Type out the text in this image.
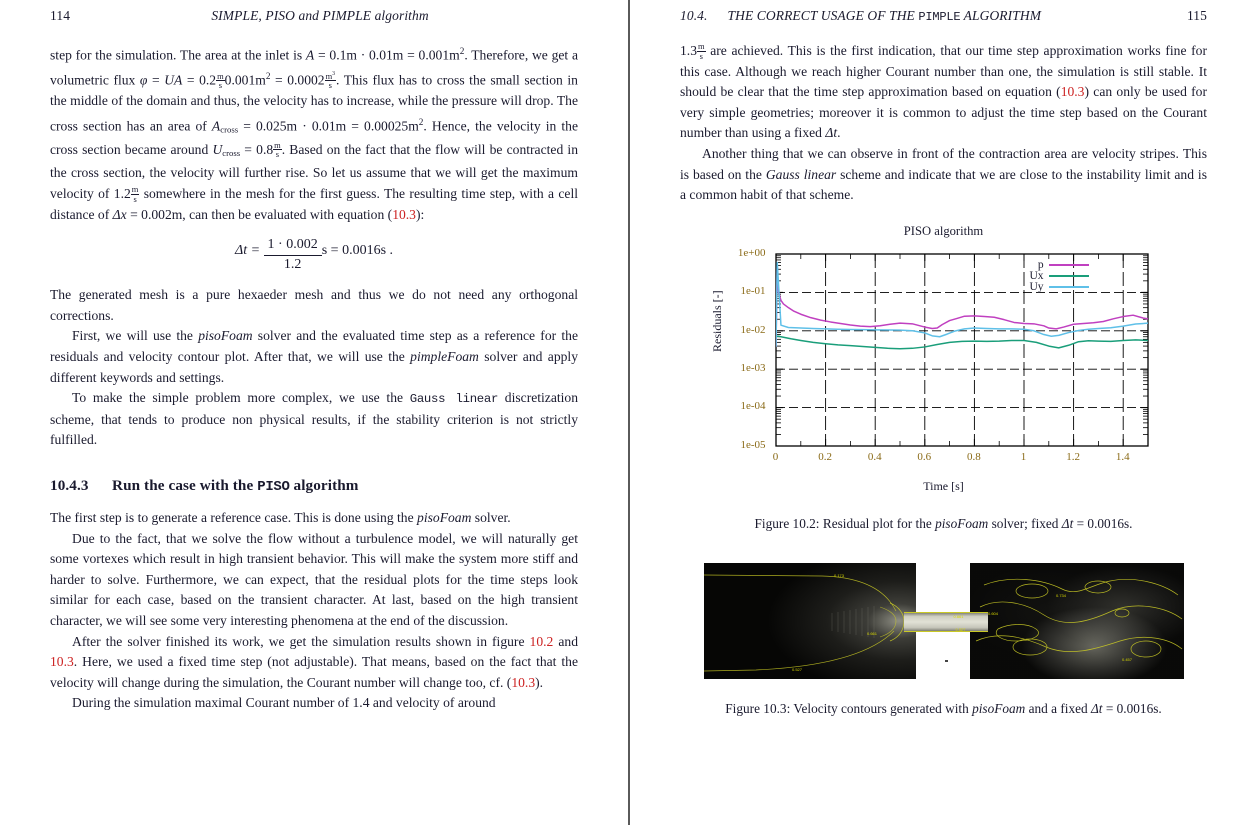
114	SIMPLE, PISO and PIMPLE algorithm

step for the simulation. The area at the inlet is $A = 0.1m \cdot 0.01m = 0.001m^2$. Therefore, we get a volumetric flux φ = UA = $0.2 \frac{m}{s} 0.001m^2 = 0.0002 \frac{m^3}{s}$ . This flux has to cross the small section in the middle of the domain and thus, the velocity has to increase, while the pressure will drop. The cross section has an area of $A_{cross} = 0.025m \cdot 0.01m = 0.00025m^2$. Hence, the velocity in the cross section became around $U_{cross} = 0.8 \frac{m}{s}$ . Based on the fact that the flow will be contracted in the cross section, the velocity will further rise. So let us assume that we will get the maximum velocity of $1.2 \frac{m}{s}$ somewhere in the mesh for the first guess. The resulting time step, with a cell distance of Δx = 0.002m, can then be evaluated with equation (10.3):

$\Delta t = \frac{1 \cdot 0.002}{1.2}$ s = 0.0016s .

The generated mesh is a pure hexaeder mesh and thus we do not need any orthogonal corrections.

First, we will use the pisoFoam solver and the evaluated time step as a reference for the residuals and velocity contour plot. After that, we will use the pimpleFoam solver and apply different keywords and settings.

To make the simple problem more complex, we use the Gauss linear discretization scheme, that tends to produce non physical results, if the stability criterion is not strictly fulfilled.

10.4.3 Run the case with the PISO algorithm

The first step is to generate a reference case. This is done using the pisoFoam solver.

Due to the fact, that we solve the flow without a turbulence model, we will naturally get some vortexes which result in high transient behavior. This will make the system more stiff and harder to solve. Furthermore, we can expect, that the residual plots for the time steps look similar for each case, based on the transient character. At last, based on the high transient character, we will see some very interesting phenomena at the end of the discussion.

After the solver finished its work, we get the simulation results shown in figure 10.2 and 10.3. Here, we used a fixed time step (not adjustable). That means, based on the fact that the velocity will change during the simulation, the Courant number will change too, cf. (10.3).

During the simulation maximal Courant number of 1.4 and velocity of around

10.4.	THE CORRECT USAGE OF THE PIMPLE ALGORITHM	115

$1.3 \frac{m}{s}$ are achieved. This is the first indication, that our time step approximation works fine for this case. Although we reach higher Courant number than one, the simulation is still stable. It should be clear that the time step approximation based on equation (10.3) can only be used for very simple geometries; moreover it is common to adjust the time step based on the Courant number than using a fixed Δt.

Another thing that we can observe in front of the contraction area are velocity stripes. This is based on the Gauss linear scheme and indicate that we are close to the instability limit and is a common habit of that scheme.

PISO algorithm
Residuals [-]
Time [s]
1e+00
1e-01
1e-02
1e-03
1e-04
1e-05
0	0.2	0.4	0.6	0.8	1	1.2	1.4
p
Ux
Uy
Figure 10.2: Residual plot for the pisoFoam solver; fixed Δt = 0.0016s.
0.173
0.661
0.527
0.734
0.457
0.604
0.661
0.527
Figure 10.3: Velocity contours generated with pisoFoam and a fixed Δt = 0.0016s.
